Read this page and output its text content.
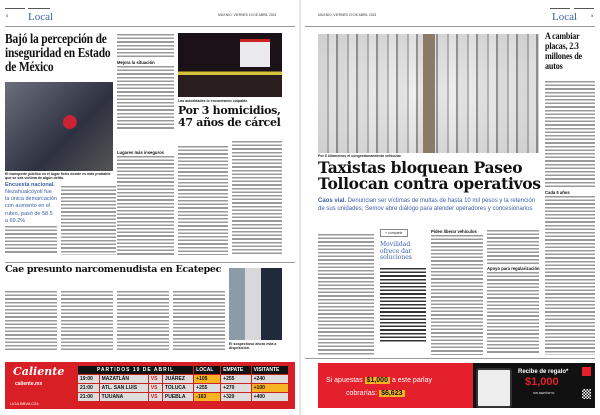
4 Local	MILENIO, VIERNES 19 DE ABRIL 2024
Bajó la percepción de inseguridad en Estado de México	Mejora la situación
El transporte público es el lugar ficho donde es más probable que se sea víctima de algún delito.
Encuesta nacional.
Nezahualcóyotl fue la única demarcación con aumento en el rubro, pasó de 58.5 a 69.2%
Lugares más inseguros
Las autoridades lo encontraron culpable.
Por 3 homicidios, 47 años de cárcel
Cae presunto narcomenudista en Ecatepec
El sospechoso ahora está a disposición.
Caliente
caliente.mx
LIGA BBVA C24
PARTIDOS 19 DE ABRIL				LOCAL	EMPATE	VISITANTE
19:00	MAZATLÁN	VS	JUÁREZ	+105	+255	+240
21:00	ATL. SAN LUIS	VS	TOLUCA	+255	+270	+100
21:00	TIJUANA	VS	PUEBLA	-163	+320	+400
MILENIO, VIERNES 19 DE ABRIL 2024	Local	5
Por 6 kilómetros el congestionamiento vehicular.
Taxistas bloquean Paseo Tollocan contra operativos
Caos vial. Denuncian ser víctimas de multas de hasta 10 mil pesos y la retención de sus unidades; Semov abre diálogo para atender operadores y concesionarios
+ compartir
Movilidad ofrece dar soluciones
Piden liberar vehículos
Apoyo para regularización
A cambiar placas, 2.3 millones de autos
Cada 5 años
Si apuestas $1,000 a este parlay
cobrarías: $6,623
Recibe de regalo*
$1,000
SIN DEPÓSITO
